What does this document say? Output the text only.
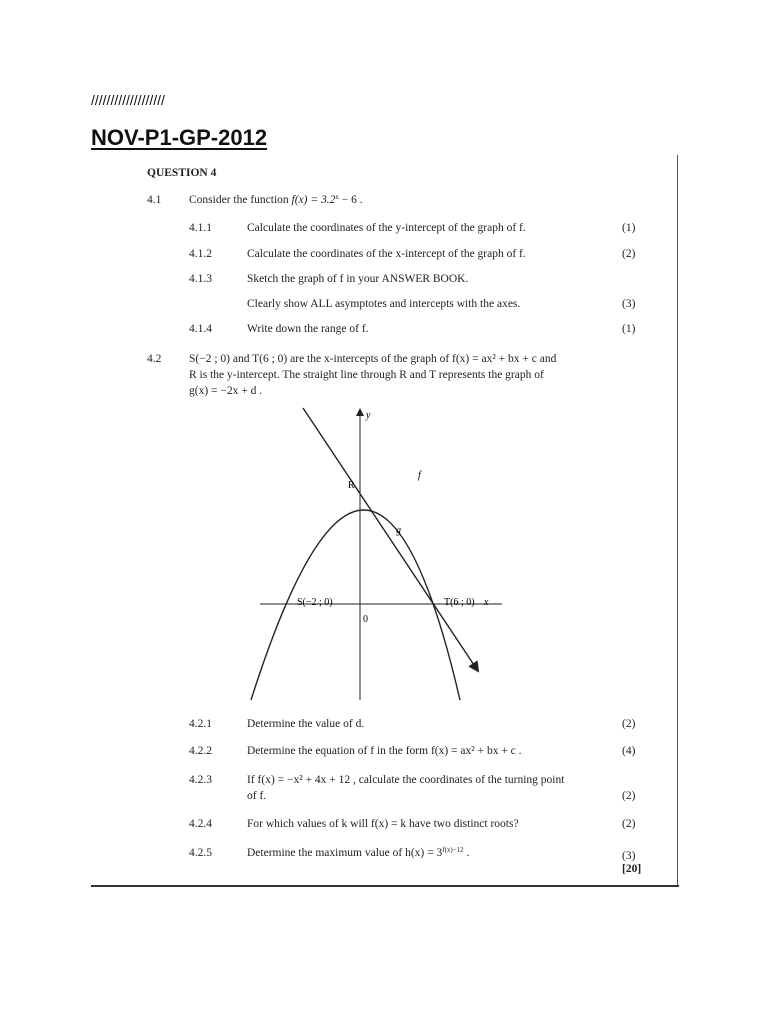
///////////////////
NOV-P1-GP-2012
QUESTION 4
4.1 Consider the function $f(x) = 3.2^x - 6$ .
4.1.1	Calculate the coordinates of the y-intercept of the graph of f.	(1)
4.1.2	Calculate the coordinates of the x-intercept of the graph of f.	(2)
4.1.3	Sketch the graph of f in your ANSWER BOOK.
Clearly show ALL asymptotes and intercepts with the axes.	(3)
4.1.4	Write down the range of f.	(1)
4.2 S(−2 ; 0) and T(6 ; 0) are the x-intercepts of the graph of f(x) = ax² + bx + c and
R is the y-intercept. The straight line through R and T represents the graph of
g(x) = −2x + d .
y
x
R
f
g
S(−2 ; 0)	T(6 ; 0)
0
4.2.1	Determine the value of d.	(2)
4.2.2	Determine the equation of f in the form f(x) = ax² + bx + c .	(4)
4.2.3	If f(x) = −x² + 4x + 12 , calculate the coordinates of the turning point
of f.	(2)
4.2.4	For which values of k will f(x) = k have two distinct roots?	(2)
4.2.5	Determine the maximum value of $h(x) = 3^{f(x)-12}$ .	(3)
[20]
